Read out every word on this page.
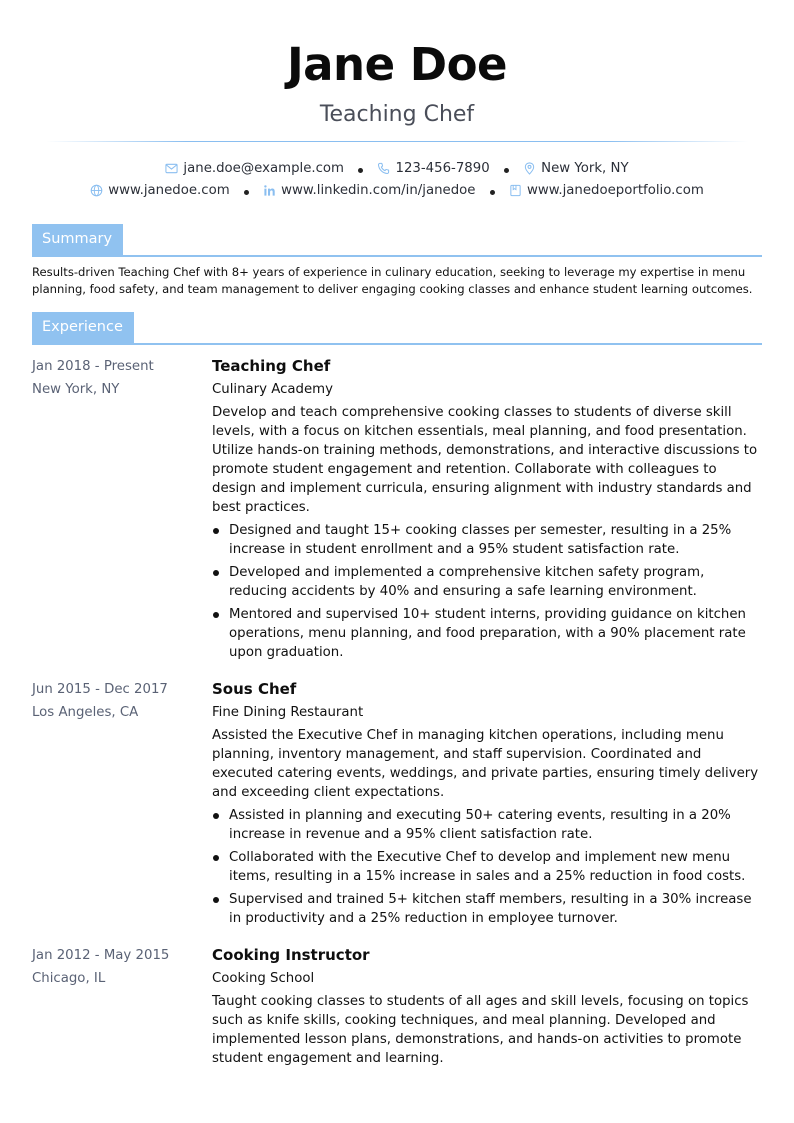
Jane Doe
Teaching Chef
jane.doe@example.com
	123-456-7890
	New York, NY
www.janedoe.com
	www.linkedin.com/in/janedoe
	www.janedoeportfolio.com
Summary
Results-driven Teaching Chef with 8+ years of experience in culinary education, seeking to leverage my expertise in menu planning, food safety, and team management to deliver engaging cooking classes and enhance student learning outcomes.
Experience
Jan 2018 - Present
New York, NY
Teaching Chef
Culinary Academy
Develop and teach comprehensive cooking classes to students of diverse skill levels, with a focus on kitchen essentials, meal planning, and food presentation. Utilize hands-on training methods, demonstrations, and interactive discussions to promote student engagement and retention. Collaborate with colleagues to design and implement curricula, ensuring alignment with industry standards and best practices.
Designed and taught 15+ cooking classes per semester, resulting in a 25% increase in student enrollment and a 95% student satisfaction rate.
Developed and implemented a comprehensive kitchen safety program, reducing accidents by 40% and ensuring a safe learning environment.
Mentored and supervised 10+ student interns, providing guidance on kitchen operations, menu planning, and food preparation, with a 90% placement rate upon graduation.
Jun 2015 - Dec 2017
Los Angeles, CA
Sous Chef
Fine Dining Restaurant
Assisted the Executive Chef in managing kitchen operations, including menu planning, inventory management, and staff supervision. Coordinated and executed catering events, weddings, and private parties, ensuring timely delivery and exceeding client expectations.
Assisted in planning and executing 50+ catering events, resulting in a 20% increase in revenue and a 95% client satisfaction rate.
Collaborated with the Executive Chef to develop and implement new menu items, resulting in a 15% increase in sales and a 25% reduction in food costs.
Supervised and trained 5+ kitchen staff members, resulting in a 30% increase in productivity and a 25% reduction in employee turnover.
Jan 2012 - May 2015
Chicago, IL
Cooking Instructor
Cooking School
Taught cooking classes to students of all ages and skill levels, focusing on topics such as knife skills, cooking techniques, and meal planning. Developed and implemented lesson plans, demonstrations, and hands-on activities to promote student engagement and learning.
